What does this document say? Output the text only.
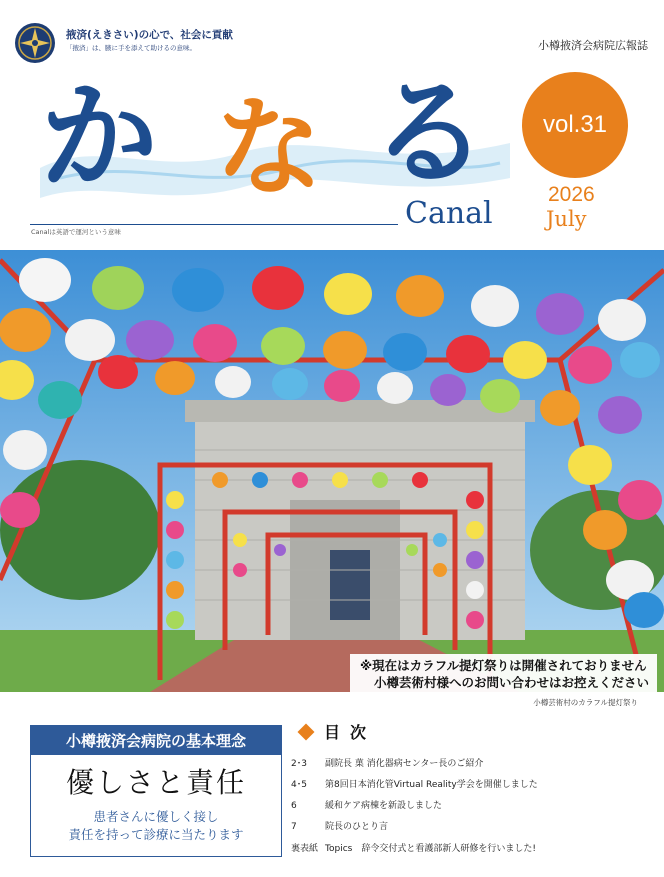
掖済(えきさい)の心で、社会に貢献
「掖済」は、腋に手を添えて助けるの意味。	小樽掖済会病院広報誌
か な る
Canal
Canalは英語で運河という意味
vol.31
2026
July
※現在はカラフル提灯祭りは開催されておりません
小樽芸術村様へのお問い合わせはお控えください
小樽芸術村のカラフル提灯祭り
小樽掖済会病院の基本理念
優しさと責任
患者さんに優しく接し
責任を持って診療に当たります
目次
2･3 副院長 菓 消化器病センター長のご紹介
4･5 第8回日本消化管Virtual Reality学会を開催しました
6	緩和ケア病棟を新設しました
7	院長のひとり言
裏表紙 Topics　辞令交付式と看護部新人研修を行いました!
